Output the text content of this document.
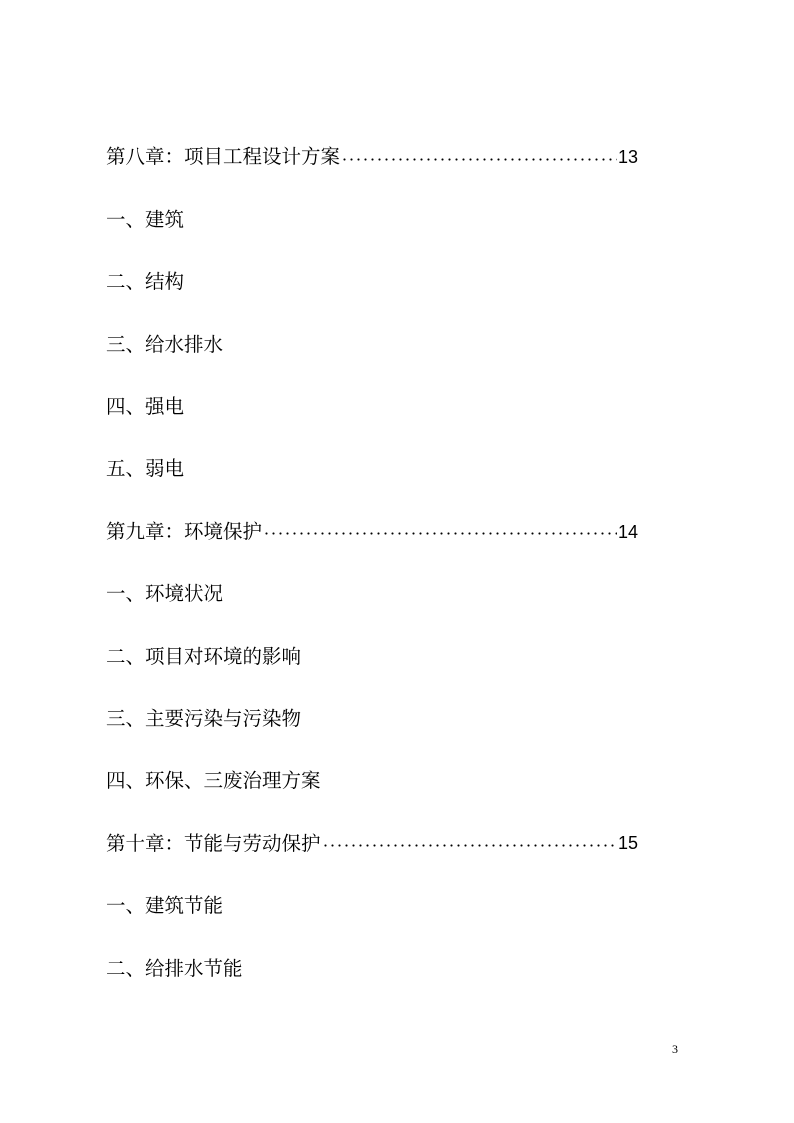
第八章：项目工程设计方案	13
一、建筑
二、结构
三、给水排水
四、强电
五、弱电
第九章：环境保护	14
一、环境状况
二、项目对环境的影响
三、主要污染与污染物
四、环保、三废治理方案
第十章：节能与劳动保护	15
一、建筑节能
二、给排水节能
3
